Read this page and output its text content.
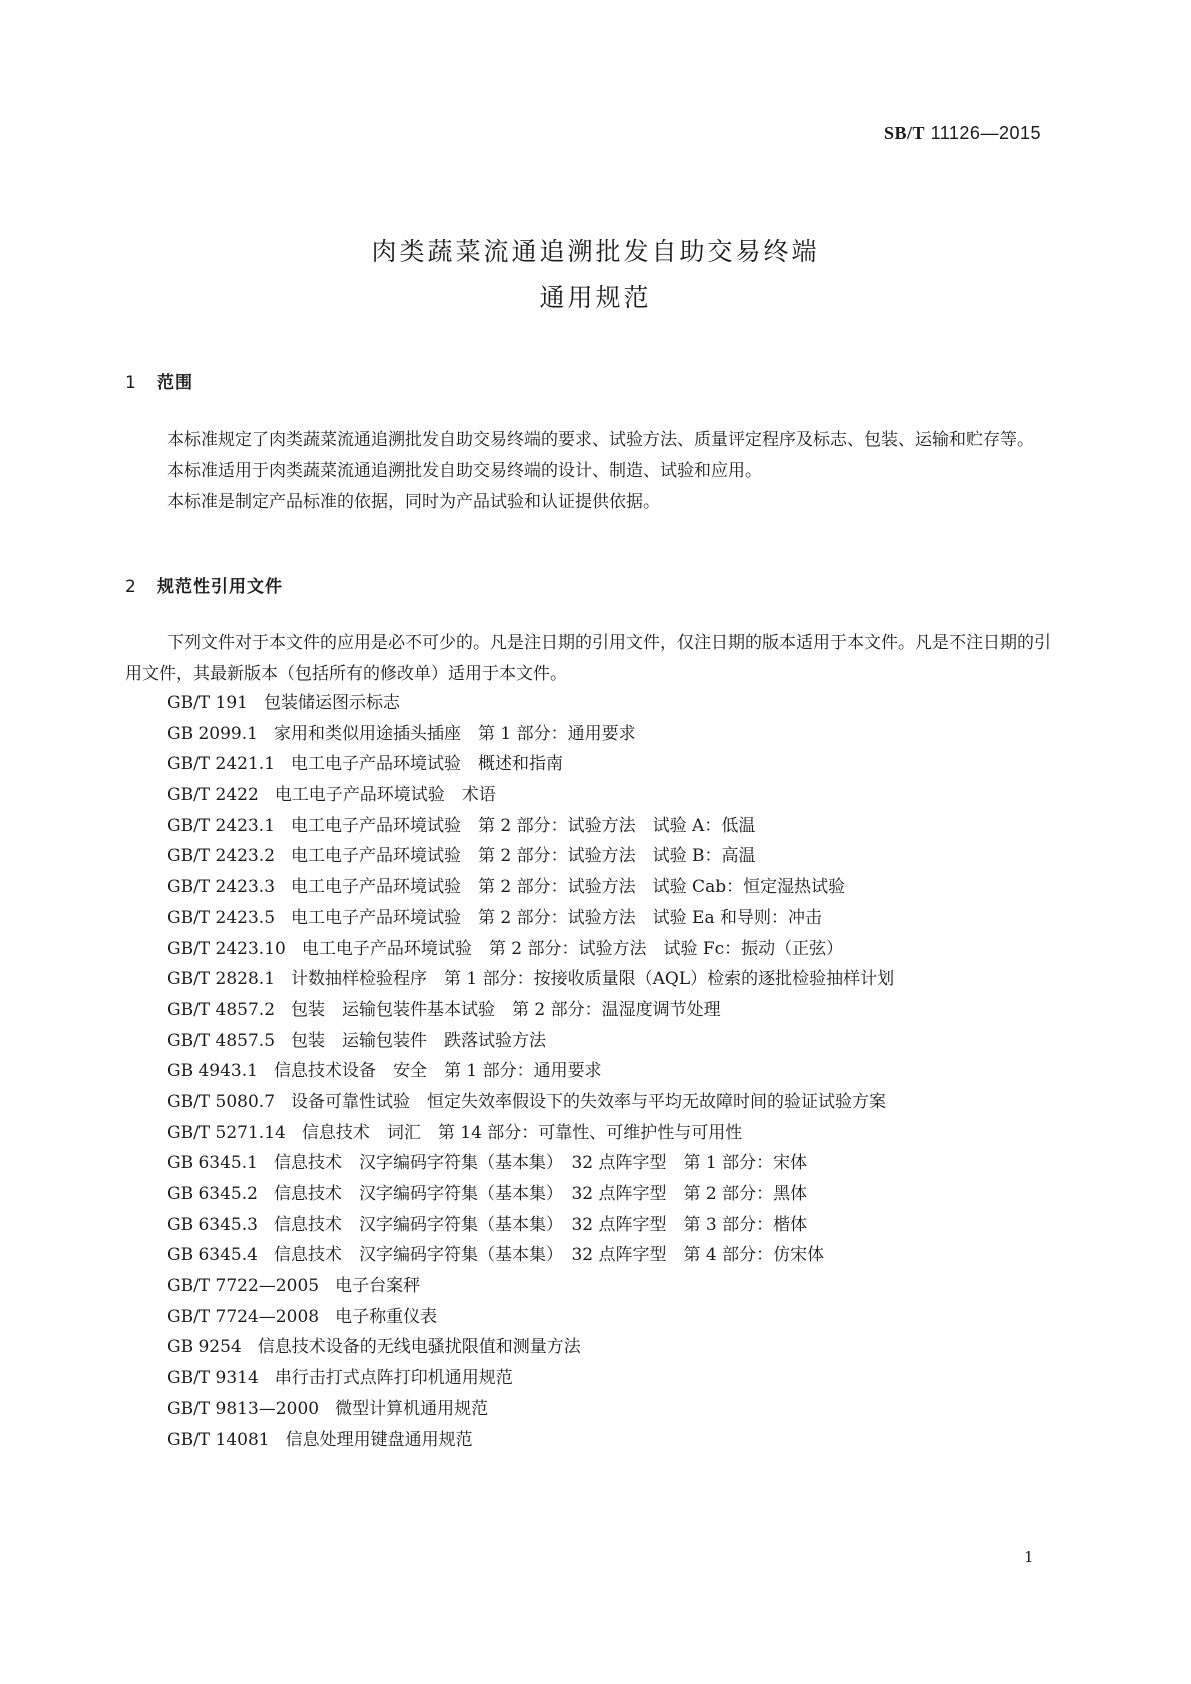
SB/T 11126—2015
肉类蔬菜流通追溯批发自助交易终端
通用规范
1 范围

本标准规定了肉类蔬菜流通追溯批发自助交易终端的要求、试验方法、质量评定程序及标志、包装、运输和贮存等。

本标准适用于肉类蔬菜流通追溯批发自助交易终端的设计、制造、试验和应用。

本标准是制定产品标准的依据，同时为产品试验和认证提供依据。

2 规范性引用文件

下列文件对于本文件的应用是必不可少的。凡是注日期的引用文件，仅注日期的版本适用于本文件。凡是不注日期的引用文件，其最新版本（包括所有的修改单）适用于本文件。

GB/T 191 包装储运图示标志
GB 2099.1 家用和类似用途插头插座　第 1 部分：通用要求
GB/T 2421.1 电工电子产品环境试验　概述和指南
GB/T 2422 电工电子产品环境试验　术语
GB/T 2423.1 电工电子产品环境试验　第 2 部分：试验方法　试验 A：低温
GB/T 2423.2 电工电子产品环境试验　第 2 部分：试验方法　试验 B：高温
GB/T 2423.3 电工电子产品环境试验　第 2 部分：试验方法　试验 Cab：恒定湿热试验
GB/T 2423.5 电工电子产品环境试验　第 2 部分：试验方法　试验 Ea 和导则：冲击
GB/T 2423.10 电工电子产品环境试验　第 2 部分：试验方法　试验 Fc：振动（正弦）
GB/T 2828.1 计数抽样检验程序　第 1 部分：按接收质量限（AQL）检索的逐批检验抽样计划
GB/T 4857.2 包装　运输包装件基本试验　第 2 部分：温湿度调节处理
GB/T 4857.5 包装　运输包装件　跌落试验方法
GB 4943.1 信息技术设备　安全　第 1 部分：通用要求
GB/T 5080.7 设备可靠性试验　恒定失效率假设下的失效率与平均无故障时间的验证试验方案
GB/T 5271.14 信息技术　词汇　第 14 部分：可靠性、可维护性与可用性
GB 6345.1 信息技术　汉字编码字符集（基本集）　32 点阵字型　第 1 部分：宋体
GB 6345.2 信息技术　汉字编码字符集（基本集）　32 点阵字型　第 2 部分：黑体
GB 6345.3 信息技术　汉字编码字符集（基本集）　32 点阵字型　第 3 部分：楷体
GB 6345.4 信息技术　汉字编码字符集（基本集）　32 点阵字型　第 4 部分：仿宋体
GB/T 7722—2005 电子台案秤
GB/T 7724—2008 电子称重仪表
GB 9254 信息技术设备的无线电骚扰限值和测量方法
GB/T 9314 串行击打式点阵打印机通用规范
GB/T 9813—2000 微型计算机通用规范
GB/T 14081 信息处理用键盘通用规范
1
